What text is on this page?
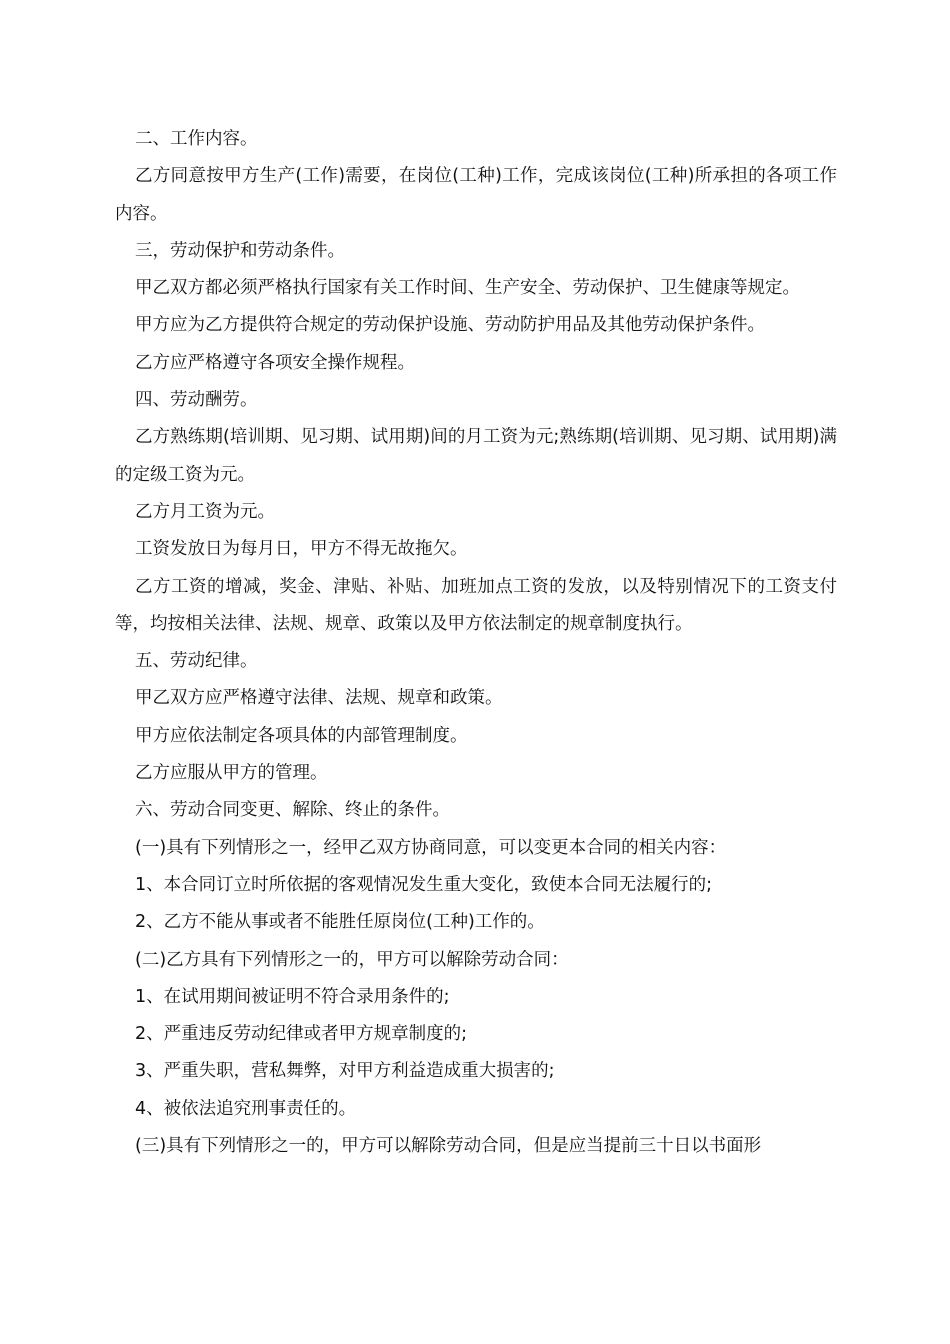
二、工作内容。

乙方同意按甲方生产(工作)需要，在岗位(工种)工作，完成该岗位(工种)所承担的各项工作内容。

三，劳动保护和劳动条件。

甲乙双方都必须严格执行国家有关工作时间、生产安全、劳动保护、卫生健康等规定。

甲方应为乙方提供符合规定的劳动保护设施、劳动防护用品及其他劳动保护条件。

乙方应严格遵守各项安全操作规程。

四、劳动酬劳。

乙方熟练期(培训期、见习期、试用期)间的月工资为元;熟练期(培训期、见习期、试用期)满的定级工资为元。

乙方月工资为元。

工资发放日为每月日，甲方不得无故拖欠。

乙方工资的增减，奖金、津贴、补贴、加班加点工资的发放，以及特别情况下的工资支付等，均按相关法律、法规、规章、政策以及甲方依法制定的规章制度执行。

五、劳动纪律。

甲乙双方应严格遵守法律、法规、规章和政策。

甲方应依法制定各项具体的内部管理制度。

乙方应服从甲方的管理。

六、劳动合同变更、解除、终止的条件。

(一)具有下列情形之一，经甲乙双方协商同意，可以变更本合同的相关内容：

1、本合同订立时所依据的客观情况发生重大变化，致使本合同无法履行的;

2、乙方不能从事或者不能胜任原岗位(工种)工作的。

(二)乙方具有下列情形之一的，甲方可以解除劳动合同：

1、在试用期间被证明不符合录用条件的;

2、严重违反劳动纪律或者甲方规章制度的;

3、严重失职，营私舞弊，对甲方利益造成重大损害的;

4、被依法追究刑事责任的。

(三)具有下列情形之一的，甲方可以解除劳动合同，但是应当提前三十日以书面形
